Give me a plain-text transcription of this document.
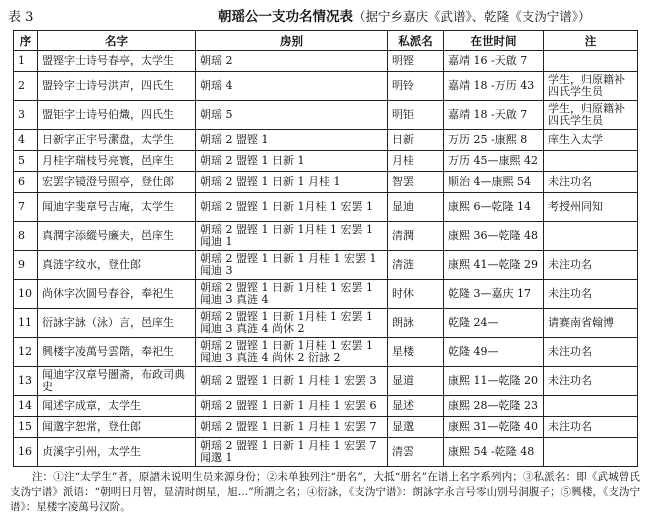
表 3	朝瑶公一支功名情况表（据宁乡嘉庆《武谱》、乾隆《支沩宁谱》）
序	名字	房别	私派名	在世时间	注
1	盟铿字士诗号春亭，太学生	朝瑶 2	明铿	嘉靖 16 -天啟 7	
2	盟铃字士诗号洪声，四氏生	朝瑶 4	明铃	嘉靖 18 -万历 43	学生，归原籍补四氏学生员
3	盟钜字士诗号伯熾，四氏生	朝瑶 5	明钜	嘉靖 18 -天啟 7	学生，归原籍补四氏学生员
4	日新字正宇号潔盘，太学生	朝瑶 2 盟铿 1	日新	万历 25 -康熙 8	庠生入太学
5	月桂字瑞枝号亮寰，邑庠生	朝瑶 2 盟铿 1 日新 1	月桂	万历 45—康熙 42	
6	宏罢字镜澄号照亭，登仕郎	朝瑶 2 盟铿 1 日新 1 月桂 1	智罢	顺治 4—康熙 54	未注功名
7	闻迪字斐章号吉庵，太学生	朝瑶 2 盟铿 1 日新 1月桂 1 宏罢 1	显迪	康熙 6—乾隆 14	考授州同知
8	真潤字添縱号廉夫，邑庠生	朝瑶 2 盟铿 1 日新 1月桂 1 宏罢 1 闻迪 1	清潤	康熙 36—乾隆 48	
9	真涟字纹水，登仕郎	朝瑶 2 盟铿 1 日新 1 月桂 1 宏罢 1 闻迪 3	清涟	康熙 41—乾隆 29	未注功名
10	尚休字次圆号春谷，奉祀生	朝瑶 2 盟铿 1 日新 1月桂 1 宏罢 1 闻迪 3 真涟 4	时休	乾隆 3—嘉庆 17	未注功名
11	衍詠字詠（泳）言，邑庠生	朝瑶 2 盟铿 1 日新 1月桂 1 宏罢 1 闻迪 3 真涟 4 尚休 2	朗詠	乾隆 24—	请赛南省翰博
12	興楼字凌萬号雲階，奉祀生	朝瑶 2 盟铿 1 日新 1月桂 1 宏罢 1 闻迪 3 真涟 4 尚休 2 衍詠 2	星楼	乾隆 49—	未注功名
13	闻迪字汉章号闇斋，布政司典史	朝瑶 2 盟铿 1 日新 1 月桂 1 宏罢 3	显道	康熙 11—乾隆 20	未注功名
14	闻述字成章，太学生	朝瑶 2 盟铿 1 日新 1 月桂 1 宏罢 6	显述	康熙 28—乾隆 23	
15	闻邈字恕常，登仕郎	朝瑶 2 盟铿 1 日新 1 月桂 1 宏罢 7	显邈	康熙 31—乾隆 40	未注功名
16	贞溪字引州，太学生	朝瑶 2 盟铿 1 日新 1 月桂 1 宏罢 7 闻邈 1	清雲	康熙 54 -乾隆 48	
注：①注“太学生”者，原譜未说明生员来源身份；②未单独列注“册名”，大抵“册名”在谱上名字系列内；③私派名：即《武城曾氏支沩宁谱》派语：“朝明日月智，显清时朗星，旭…”所謂之名；④衍詠，《支沩宁谱》：朗詠字永言号零山别号洞腹子；⑤興楼，《支沩宁谱》：星楼字凌萬号汉阶。
